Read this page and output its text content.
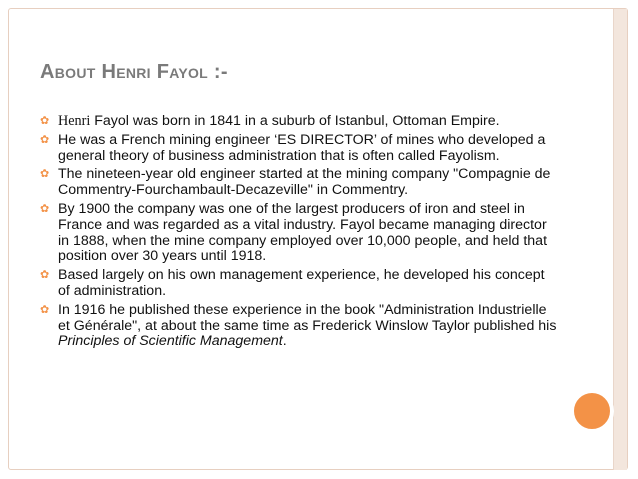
About Henri Fayol :-
✿ Henri Fayol was born in 1841 in a suburb of Istanbul, Ottoman Empire.
✿ He was a French mining engineer ‘ES DIRECTOR’ of mines who developed a general theory of business administration that is often called Fayolism.
✿ The nineteen-year old engineer started at the mining company "Compagnie de Commentry-Fourchambault-Decazeville" in Commentry.
✿ By 1900 the company was one of the largest producers of iron and steel in France and was regarded as a vital industry. Fayol became managing director in 1888, when the mine company employed over 10,000 people, and held that position over 30 years until 1918.
✿ Based largely on his own management experience, he developed his concept of administration.
✿ In 1916 he published these experience in the book "Administration Industrielle et Générale", at about the same time as Frederick Winslow Taylor published his Principles of Scientific Management.
